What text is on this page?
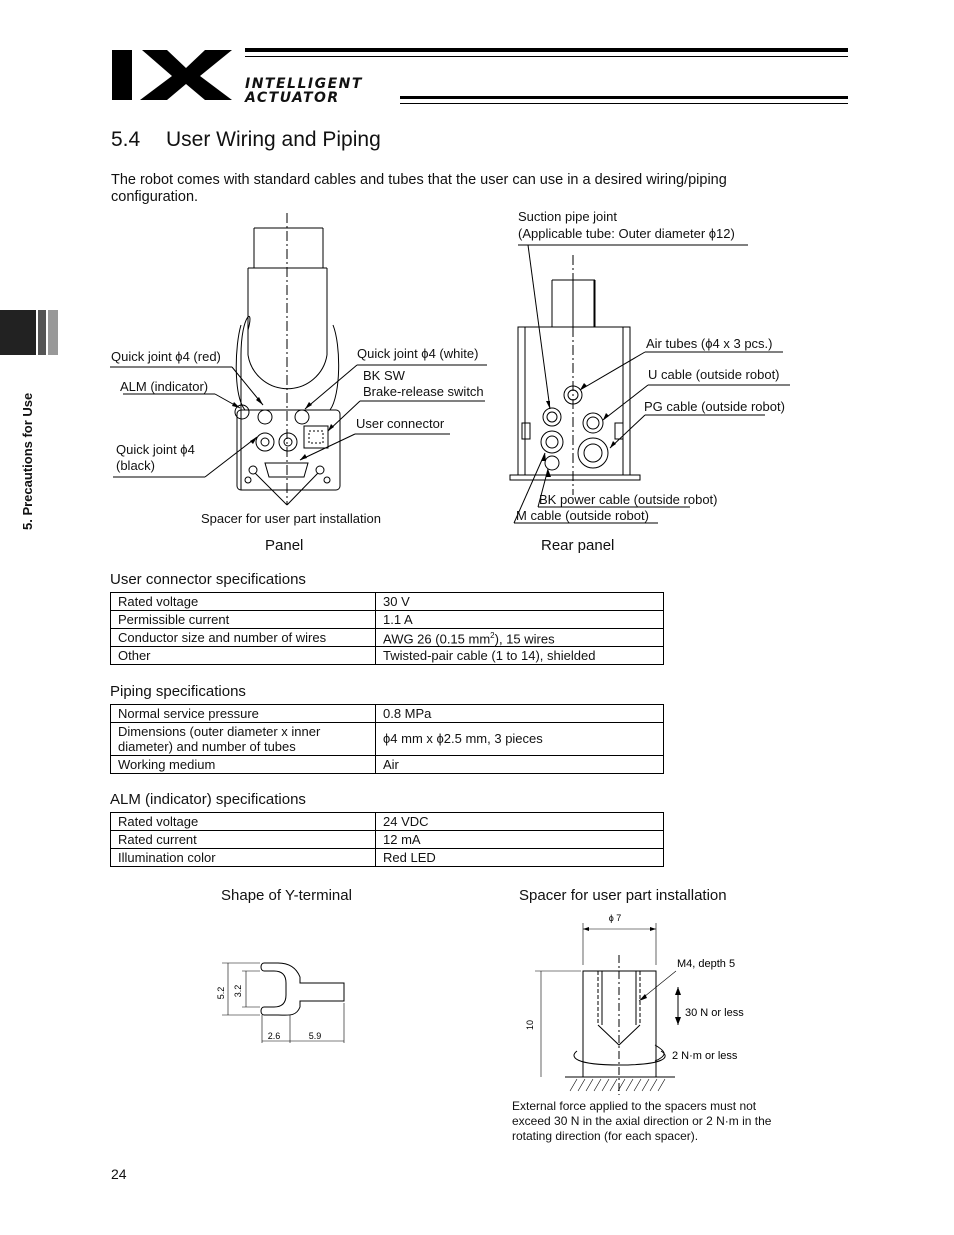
INTELLIGENT
ACTUATOR
5. Precautions for Use
5.4 User Wiring and Piping
The robot comes with standard cables and tubes that the user can use in a desired wiring/piping configuration.
Quick joint ϕ4 (red)
ALM (indicator)
Quick joint ϕ4
(black)
Quick joint ϕ4 (white)
BK SW
Brake-release switch
User connector
Spacer for user part installation
Panel
Suction pipe joint
(Applicable tube: Outer diameter ϕ12)
Air tubes (ϕ4 x 3 pcs.)
U cable (outside robot)
PG cable (outside robot)
BK power cable (outside robot)
M cable (outside robot)
Rear panel
User connector specifications
Rated voltage	30 V
Permissible current	1.1 A
Conductor size and number of wires	AWG 26 (0.15 $mm^2$), 15 wires
Other	Twisted-pair cable (1 to 14), shielded
Piping specifications
Normal service pressure	0.8 MPa
Dimensions (outer diameter x inner diameter) and number of tubes	ϕ4 mm x ϕ2.5 mm, 3 pieces
Working medium	Air
ALM (indicator) specifications
Rated voltage	24 VDC
Rated current	12 mA
Illumination color	Red LED
Shape of Y-terminal
5.2 3.2
2.6	5.9
Spacer for user part installation
ϕ 7
10
M4, depth 5
30 N or less
2 N·m or less
External force applied to the spacers must not exceed 30 N in the axial direction or 2 N·m in the rotating direction (for each spacer).
24
